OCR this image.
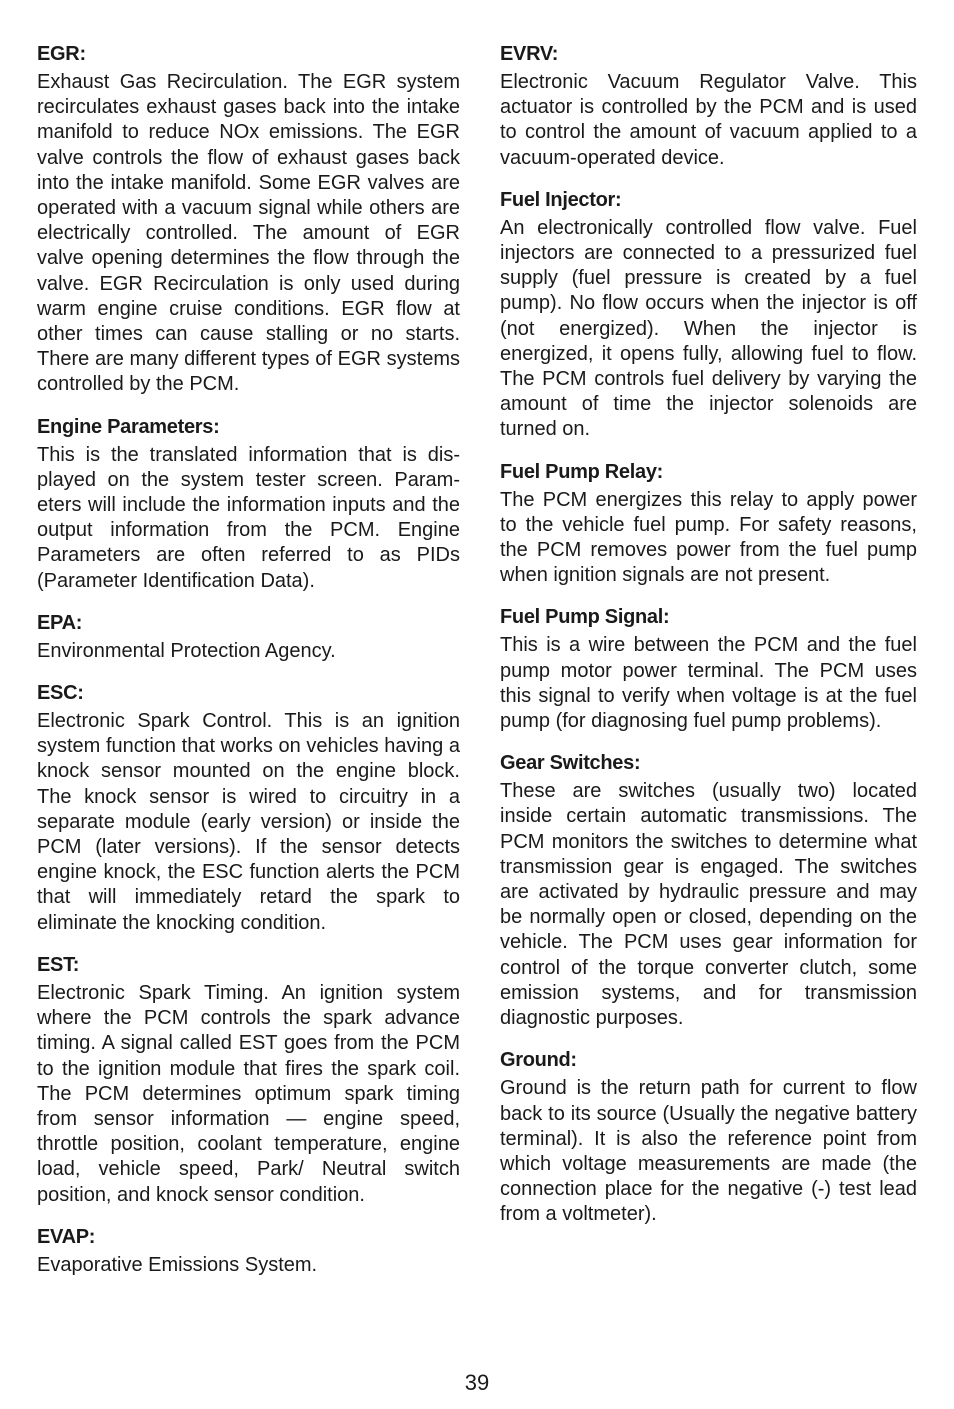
EGR:

Exhaust Gas Recirculation. The EGR system recirculates exhaust gases back into the intake manifold to reduce NOx emissions. The EGR valve controls the flow of exhaust gases back into the intake manifold. Some EGR valves are operated with a vacuum signal while others are electrically controlled. The amount of EGR valve opening determines the flow through the valve. EGR Recirculation is only used during warm engine cruise conditions. EGR flow at other times can cause stalling or no starts. There are many different types of EGR systems controlled by the PCM.

Engine Parameters:

This is the translated information that is displayed on the system tester screen. Parameters will include the information inputs and the output information from the PCM. Engine Parameters are often referred to as PIDs (Parameter Identification Data).

EPA:

Environmental Protection Agency.

ESC:

Electronic Spark Control. This is an ignition system function that works on vehicles having a knock sensor mounted on the engine block. The knock sensor is wired to circuitry in a separate module (early version) or inside the PCM (later versions). If the sensor detects engine knock, the ESC function alerts the PCM that will immediately retard the spark to eliminate the knocking condition.

EST:

Electronic Spark Timing. An ignition system where the PCM controls the spark advance timing. A signal called EST goes from the PCM to the ignition module that fires the spark coil. The PCM determines optimum spark timing from sensor information — engine speed, throttle position, coolant temperature, engine load, vehicle speed, Park/ Neutral switch position, and knock sensor condition.

EVAP:

Evaporative Emissions System.

EVRV:

Electronic Vacuum Regulator Valve. This actuator is controlled by the PCM and is used to control the amount of vacuum applied to a vacuum-operated device.

Fuel Injector:

An electronically controlled flow valve. Fuel injectors are connected to a pressurized fuel supply (fuel pressure is created by a fuel pump). No flow occurs when the injector is off (not energized). When the injector is energized, it opens fully, allowing fuel to flow. The PCM controls fuel delivery by varying the amount of time the injector solenoids are turned on.

Fuel Pump Relay:

The PCM energizes this relay to apply power to the vehicle fuel pump. For safety reasons, the PCM removes power from the fuel pump when ignition signals are not present.

Fuel Pump Signal:

This is a wire between the PCM and the fuel pump motor power terminal. The PCM uses this signal to verify when voltage is at the fuel pump (for diagnosing fuel pump problems).

Gear Switches:

These are switches (usually two) located inside certain automatic transmissions. The PCM monitors the switches to determine what transmission gear is engaged. The switches are activated by hydraulic pressure and may be normally open or closed, depending on the vehicle. The PCM uses gear information for control of the torque converter clutch, some emission systems, and for transmission diagnostic purposes.

Ground:

Ground is the return path for current to flow back to its source (Usually the negative battery terminal). It is also the reference point from which voltage measurements are made (the connection place for the negative (-) test lead from a voltmeter).

39
